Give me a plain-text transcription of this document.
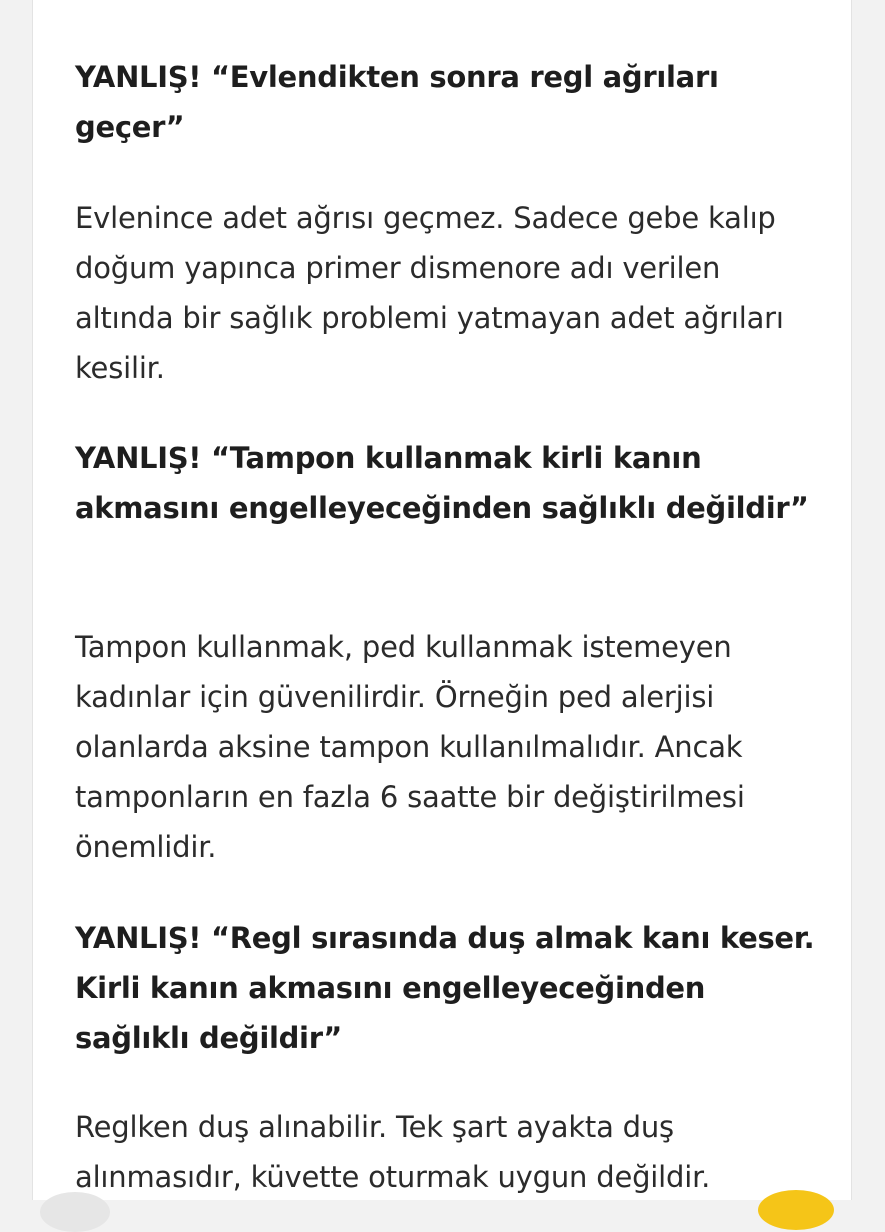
YANLIŞ! “Evlendikten sonra regl ağrıları geçer”

Evlenince adet ağrısı geçmez. Sadece gebe kalıp doğum yapınca primer dismenore adı verilen altında bir sağlık problemi yatmayan adet ağrıları kesilir.

YANLIŞ! “Tampon kullanmak kirli kanın akmasını engelleyeceğinden sağlıklı değildir”

Tampon kullanmak, ped kullanmak istemeyen kadınlar için güvenilirdir. Örneğin ped alerjisi olanlarda aksine tampon kullanılmalıdır. Ancak tamponların en fazla 6 saatte bir değiştirilmesi önemlidir.

YANLIŞ! “Regl sırasında duş almak kanı keser. Kirli kanın akmasını engelleyeceğinden sağlıklı değildir”

Reglken duş alınabilir. Tek şart ayakta duş alınmasıdır, küvette oturmak uygun değildir.
